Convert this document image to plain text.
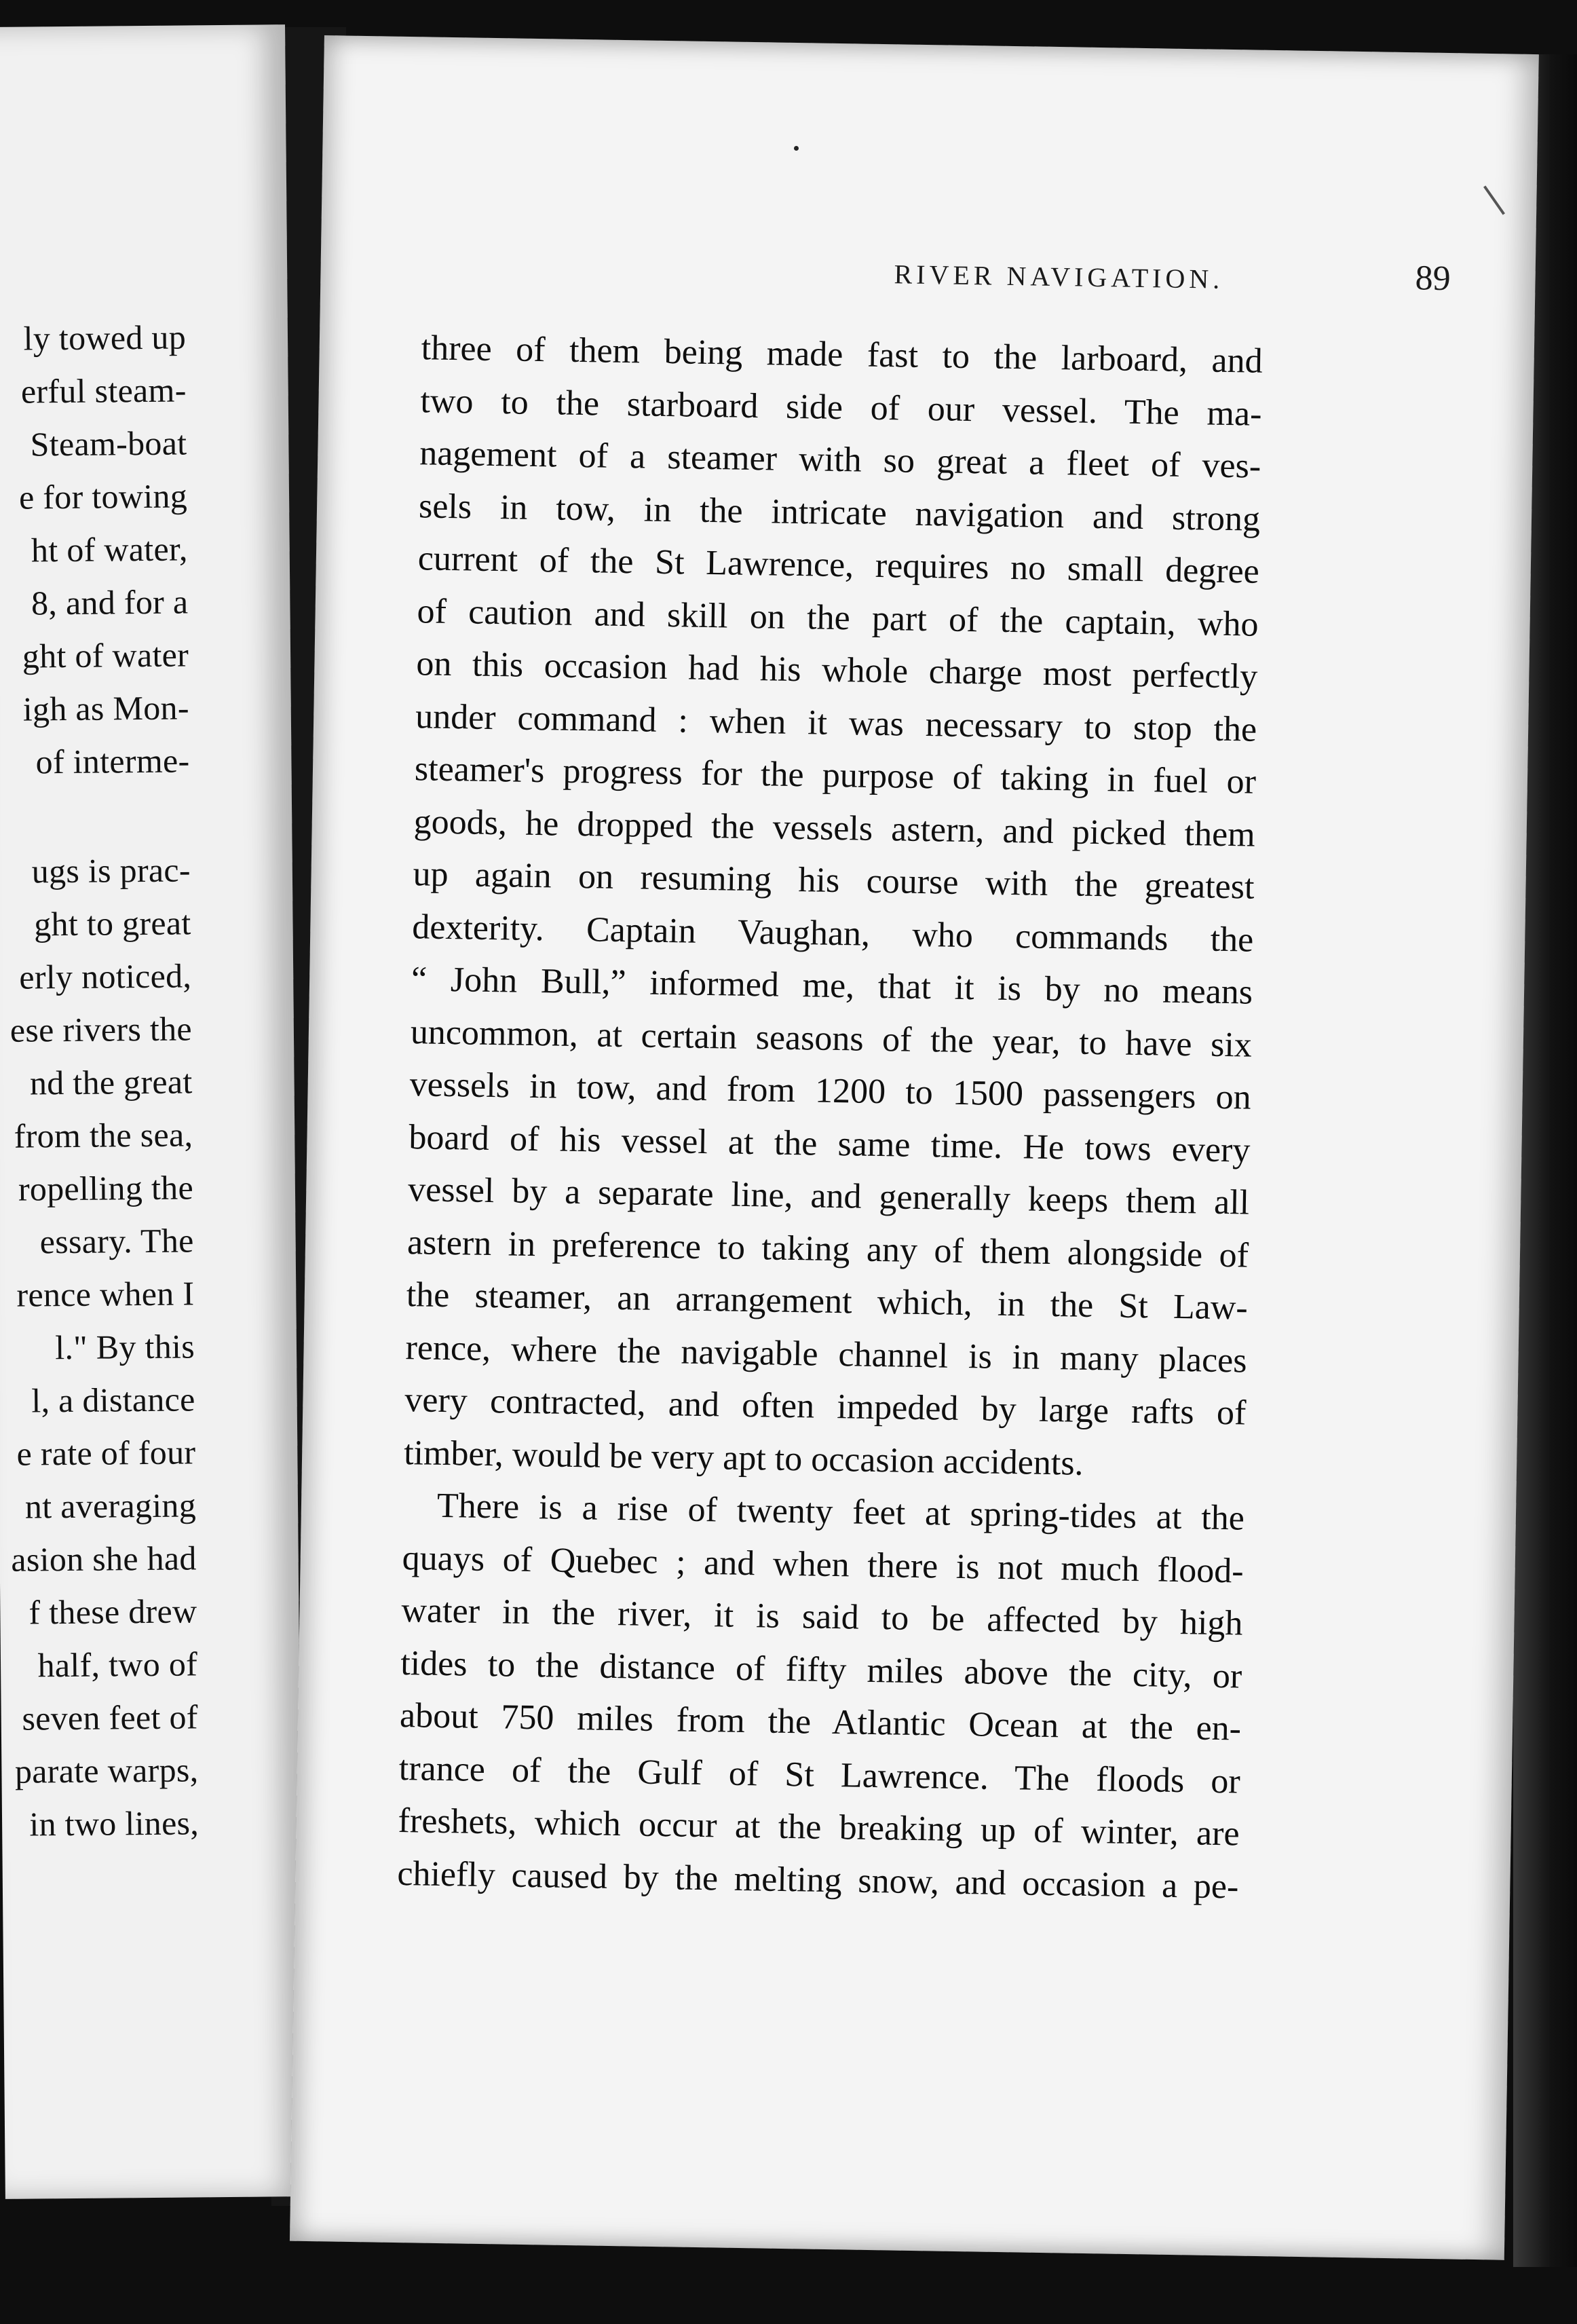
ly towed up
erful steam-
Steam-boat
e for towing
ht of water,
8, and for a
ght of water
igh as Mon-
of interme-
ugs is prac-
ght to great
erly noticed,
ese rivers the
nd the great
from the sea,
ropelling the
essary. The
rence when I
l." By this
l, a distance
e rate of four
nt averaging
asion she had
f these drew
half, two of
seven feet of
parate warps,
in two lines,
RIVER NAVIGATION.	89
three of them being made fast to the larboard, and
two to the starboard side of our vessel. The ma-
nagement of a steamer with so great a fleet of ves-
sels in tow, in the intricate navigation and strong
current of the St Lawrence, requires no small degree
of caution and skill on the part of the captain, who
on this occasion had his whole charge most perfectly
under command : when it was necessary to stop the
steamer's progress for the purpose of taking in fuel or
goods, he dropped the vessels astern, and picked them
up again on resuming his course with the greatest
dexterity. Captain Vaughan, who commands the
“ John Bull,” informed me, that it is by no means
uncommon, at certain seasons of the year, to have six
vessels in tow, and from 1200 to 1500 passengers on
board of his vessel at the same time. He tows every
vessel by a separate line, and generally keeps them all
astern in preference to taking any of them alongside of
the steamer, an arrangement which, in the St Law-
rence, where the navigable channel is in many places
very contracted, and often impeded by large rafts of
timber, would be very apt to occasion accidents.
There is a rise of twenty feet at spring-tides at the
quays of Quebec ; and when there is not much flood-
water in the river, it is said to be affected by high
tides to the distance of fifty miles above the city, or
about 750 miles from the Atlantic Ocean at the en-
trance of the Gulf of St Lawrence. The floods or
freshets, which occur at the breaking up of winter, are
chiefly caused by the melting snow, and occasion a pe-
